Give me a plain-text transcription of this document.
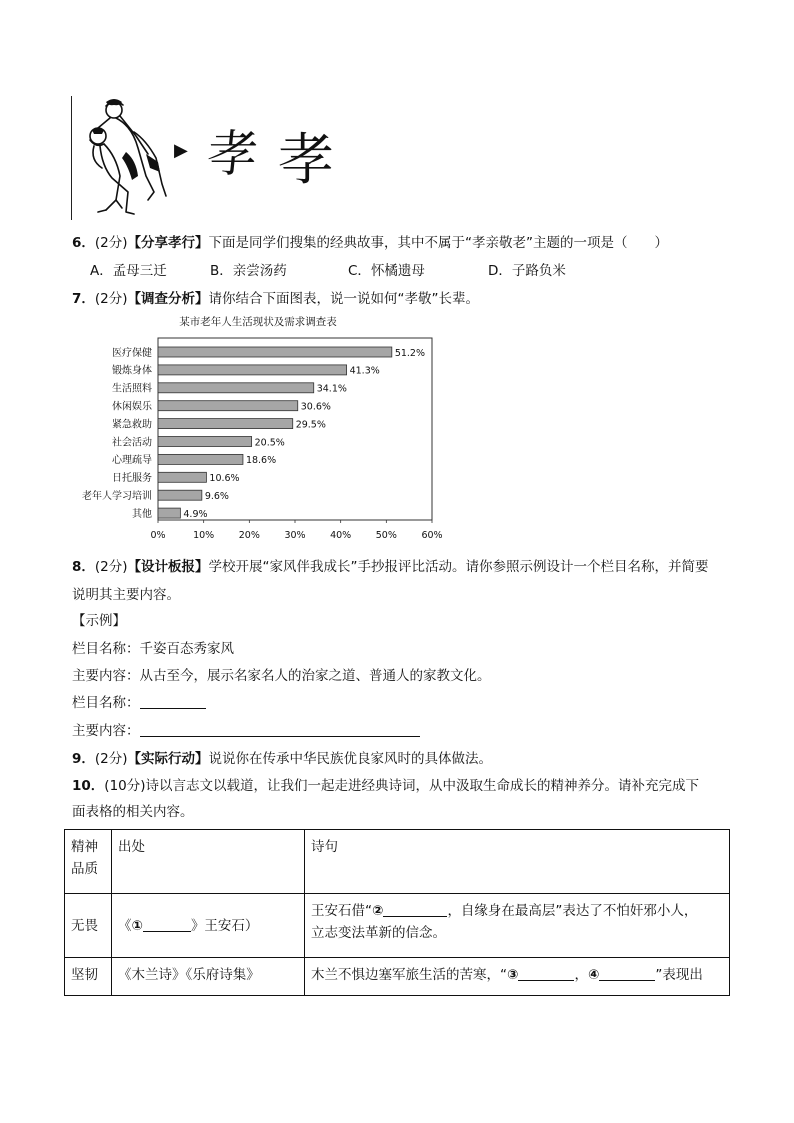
▶ 孝 孝
6．(2分)【分享孝行】下面是同学们搜集的经典故事，其中不属于“孝亲敬老”主题的一项是（　　）
A．孟母三迁	B．亲尝汤药	C．怀橘遗母	D．子路负米
7．(2分)【调查分析】请你结合下面图表，说一说如何“孝敬”长辈。
某市老年人生活现状及需求调查表
医疗保健
锻炼身体
生活照料
休闲娱乐
紧急救助
社会活动
心理疏导
日托服务
老年人学习培训
其他
51.2%
41.3%
34.1%
30.6%
29.5%
20.5%
18.6%
10.6%
9.6%
4.9%
0%	10%	20%	30%	40%	50%	60%
8．(2分)【设计板报】学校开展“家风伴我成长”手抄报评比活动。请你参照示例设计一个栏目名称，并简要
说明其主要内容。
【示例】
栏目名称：千姿百态秀家风
主要内容：从古至今，展示名家名人的治家之道、普通人的家教文化。
栏目名称：
主要内容：
9．(2分)【实际行动】说说你在传承中华民族优良家风时的具体做法。
10．(10分)诗以言志文以载道，让我们一起走进经典诗词，从中汲取生命成长的精神养分。请补充完成下
面表格的相关内容。
精神品质	出处	诗句
无畏	《① 》王安石）	王安石借“② ，自缘身在最高层”表达了不怕奸邪小人，
立志变法革新的信念。
坚韧	《木兰诗》《乐府诗集》	木兰不惧边塞军旅生活的苦寒，“③ ，④ ”表现出
